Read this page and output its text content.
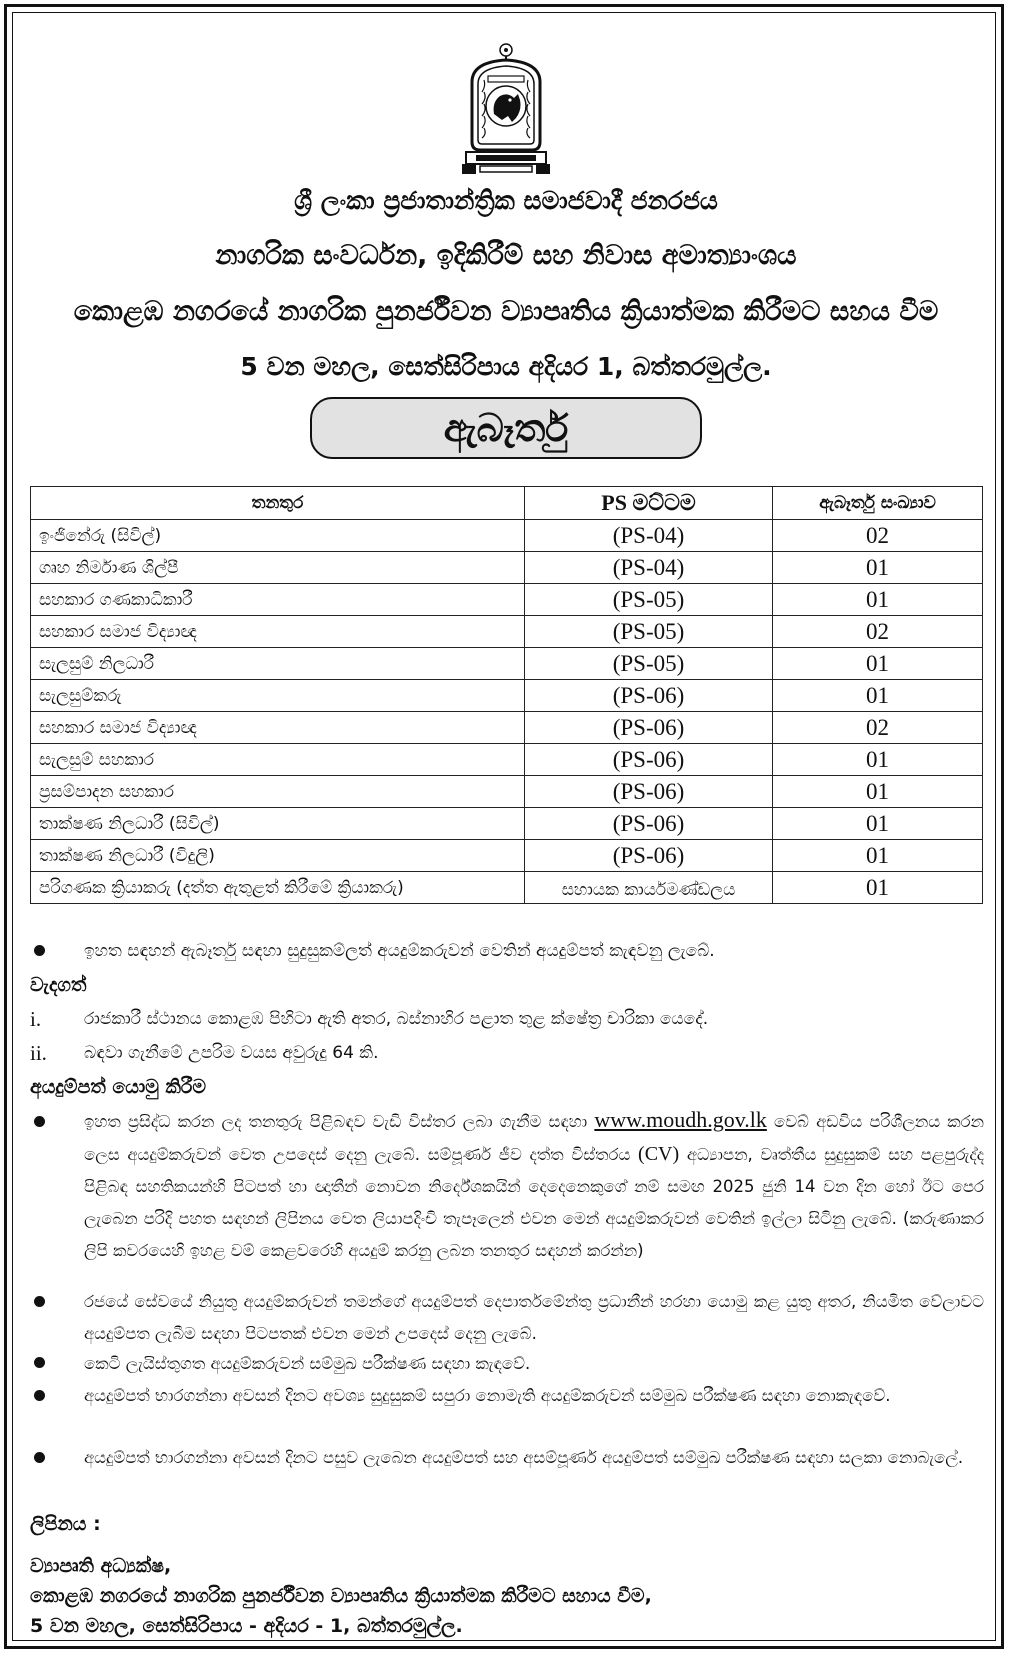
ශ්‍රී ලංකා ප්‍රජාතාන්ත්‍රික සමාජවාදී ජනරජය
නාගරික සංවර්ධන, ඉදිකිරීම් සහ නිවාස අමාත්‍යාංශය
කොළඹ නගරයේ නාගරික පුනර්ජීවන ව්‍යාපෘතිය ක්‍රියාත්මක කිරීමට සහය වීම
5 වන මහල, සෙත්සිරිපාය අදියර 1, බත්තරමුල්ල.
ඇබෑර්තු
තනතුර	PS මට්ටම	ඇබෑර්තු සංඛ්‍යාව
ඉංජිනේරු (සිවිල්)	(PS-04)	02
ගෘහ නිර්මාණ ශිල්පී	(PS-04)	01
සහකාර ගණකාධිකාරී	(PS-05)	01
සහකාර සමාජ විද්‍යාඥ	(PS-05)	02
සැලසුම් නිලධාරී	(PS-05)	01
සැලසුම්කරු	(PS-06)	01
සහකාර සමාජ විද්‍යාඥ	(PS-06)	02
සැලසුම් සහකාර	(PS-06)	01
ප්‍රසම්පාදන සහකාර	(PS-06)	01
තාක්ෂණ නිලධාරී (සිවිල්)	(PS-06)	01
තාක්ෂණ නිලධාරී (විදුලි)	(PS-06)	01
පරිගණක ක්‍රියාකරු (දත්ත ඇතුළත් කිරීමේ ක්‍රියාකරු)	සහායක කාර්යමණ්ඩලය	01
ඉහත සඳහන් ඇබෑර්තු සඳහා සුදුසුකම්ලත් අයදුම්කරුවන් වෙතින් අයදුම්පත් කැඳවනු ලැබේ.
වැදගත්
i.	රාජකාරී ස්ථානය කොළඹ පිහිටා ඇති අතර, බස්නාහිර පළාත තුළ ක්ෂේත්‍ර චාරිකා යෙදේ.
ii. බඳවා ගැනීමේ උපරිම වයස අවුරුදු 64 කි.
අයදුම්පත් යොමු කිරීම
ඉහත ප්‍රසිද්ධ කරන ලද තනතුරු පිළිබඳව වැඩි විස්තර ලබා ගැනීම සඳහා www.moudh.gov.lk වෙබ් අඩවිය පරිශීලනය කරන ලෙස අයදුම්කරුවන් වෙත උපදෙස් දෙනු ලැබේ. සම්පූර්ණ ජීව දත්ත විස්තරය (CV) අධ්‍යාපන, වෘත්තීය සුදුසුකම් සහ පළපුරුද්ද පිළිබඳ සහතිකයන්හි පිටපත් හා ඥාතීන් නොවන නිර්දේශකයින් දෙදෙනෙකුගේ නම් සමඟ 2025 ජුනි 14 වන දින හෝ ඊට පෙර ලැබෙන පරිදි පහත සඳහන් ලිපිනය වෙත ලියාපදිංචි තැපෑලෙන් එවන මෙන් අයදුම්කරුවන් වෙතින් ඉල්ලා සිටිනු ලැබේ. (කරුණාකර ලිපි කවරයෙහි ඉහළ වම් කෙළවරෙහි අයදුම් කරනු ලබන තනතුර සඳහන් කරන්න)
රජයේ සේවයේ නියුතු අයදුම්කරුවන් තමන්ගේ අයදුම්පත් දෙපාර්තමේන්තු ප්‍රධානීන් හරහා යොමු කළ යුතු අතර, නියමිත වේලාවට අයදුම්පත ලැබීම සඳහා පිටපතක් එවන මෙන් උපදෙස් දෙනු ලැබේ.
කෙටි ලැයිස්තුගත අයදුම්කරුවන් සම්මුඛ පරීක්ෂණ සඳහා කැඳවේ.
අයදුම්පත් භාරගන්නා අවසන් දිනට අවශ්‍ය සුදුසුකම් සපුරා නොමැති අයදුම්කරුවන් සම්මුඛ පරීක්ෂණ සඳහා නොකැඳවේ.
අයදුම්පත් භාරගන්නා අවසන් දිනට පසුව ලැබෙන අයදුම්පත් සහ අසම්පූර්ණ අයදුම්පත් සම්මුඛ පරීක්ෂණ සඳහා සලකා නොබැලේ.
ලිපිනය :
ව්‍යාපෘති අධ්‍යක්ෂ,
කොළඹ නගරයේ නාගරික පුනර්ජීවන ව්‍යාපෘතිය ක්‍රියාත්මක කිරීමට සහාය වීම,
5 වන මහල, සෙත්සිරිපාය - අදියර - 1, බත්තරමුල්ල.
